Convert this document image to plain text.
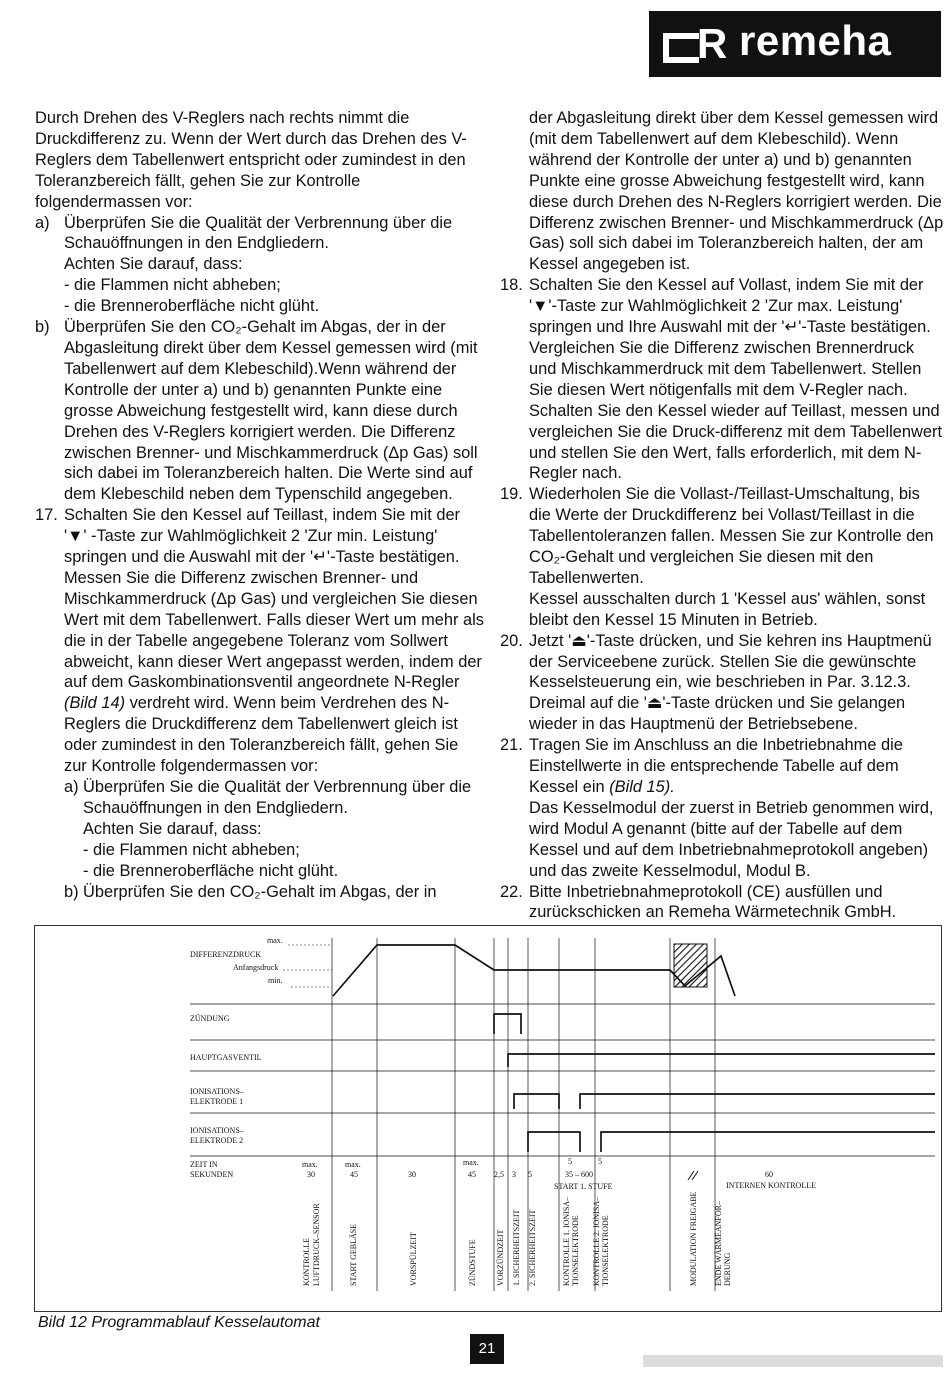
R remeha

Durch Drehen des V-Reglers nach rechts nimmt die Druckdifferenz zu. Wenn der Wert durch das Drehen des V-Reglers dem Tabellenwert entspricht oder zumindest in den Toleranzbereich fällt, gehen Sie zur Kontrolle folgendermassen vor:

a) Überprüfen Sie die Qualität der Verbrennung über die Schauöffnungen in den Endgliedern.

Achten Sie darauf, dass:

- die Flammen nicht abheben;

- die Brenneroberfläche nicht glüht.

b) Überprüfen Sie den CO₂-Gehalt im Abgas, der in der Abgasleitung direkt über dem Kessel gemessen wird (mit Tabellenwert auf dem Klebeschild).Wenn während der Kontrolle der unter a) und b) genannten Punkte eine grosse Abweichung festgestellt wird, kann diese durch Drehen des V-Reglers korrigiert werden. Die Differenz zwischen Brenner- und Mischkammerdruck (Δp Gas) soll sich dabei im Toleranzbereich halten. Die Werte sind auf dem Klebeschild neben dem Typenschild angegeben.

17. Schalten Sie den Kessel auf Teillast, indem Sie mit der '▼' -Taste zur Wahlmöglichkeit 2 'Zur min. Leistung' springen und die Auswahl mit der '↵'-Taste bestätigen. Messen Sie die Differenz zwischen Brenner- und Mischkammerdruck (Δp Gas) und vergleichen Sie diesen Wert mit dem Tabellenwert. Falls dieser Wert um mehr als die in der Tabelle angegebene Toleranz vom Sollwert abweicht, kann dieser Wert angepasst werden, indem der auf dem Gaskombinationsventil angeordnete N-Regler (Bild 14) verdreht wird. Wenn beim Verdrehen des N-Reglers die Druckdifferenz dem Tabellenwert gleich ist oder zumindest in den Toleranzbereich fällt, gehen Sie zur Kontrolle folgendermassen vor:

a) Überprüfen Sie die Qualität der Verbrennung über die Schauöffnungen in den Endgliedern.

Achten Sie darauf, dass:

- die Flammen nicht abheben;

- die Brenneroberfläche nicht glüht.

b) Überprüfen Sie den CO₂-Gehalt im Abgas, der in

der Abgasleitung direkt über dem Kessel gemessen wird (mit dem Tabellenwert auf dem Klebeschild). Wenn während der Kontrolle der unter a) und b) genannten Punkte eine grosse Abweichung festgestellt wird, kann diese durch Drehen des N-Reglers korrigiert werden. Die Differenz zwischen Brenner- und Mischkammerdruck (Δp Gas) soll sich dabei im Toleranzbereich halten, der am Kessel angegeben ist.

18. Schalten Sie den Kessel auf Vollast, indem Sie mit der '▼'-Taste zur Wahlmöglichkeit 2 'Zur max. Leistung' springen und Ihre Auswahl mit der '↵'-Taste bestätigen. Vergleichen Sie die Differenz zwischen Brennerdruck und Mischkammerdruck mit dem Tabellenwert. Stellen Sie diesen Wert nötigenfalls mit dem V-Regler nach. Schalten Sie den Kessel wieder auf Teillast, messen und vergleichen Sie die Druck-differenz mit dem Tabellenwert und stellen Sie den Wert, falls erforderlich, mit dem N-Regler nach.

19. Wiederholen Sie die Vollast-/Teillast-Umschaltung, bis die Werte der Druckdifferenz bei Vollast/Teillast in die Tabellentoleranzen fallen. Messen Sie zur Kontrolle den CO₂-Gehalt und vergleichen Sie diesen mit den Tabellenwerten.

Kessel ausschalten durch 1 'Kessel aus' wählen, sonst bleibt den Kessel 15 Minuten in Betrieb.

20. Jetzt '⏏'-Taste drücken, und Sie kehren ins Hauptmenü der Serviceebene zurück. Stellen Sie die gewünschte Kesselsteuerung ein, wie beschrieben in Par. 3.12.3. Dreimal auf die '⏏'-Taste drücken und Sie gelangen wieder in das Hauptmenü der Betriebsebene.

21. Tragen Sie im Anschluss an die Inbetriebnahme die Einstellwerte in die entsprechende Tabelle auf dem Kessel ein (Bild 15).

Das Kesselmodul der zuerst in Betrieb genommen wird, wird Modul A genannt (bitte auf der Tabelle auf dem Kessel und auf dem Inbetriebnahmeprotokoll angeben) und das zweite Kesselmodul, Modul B.

22. Bitte Inbetriebnahmeprotokoll (CE) ausfüllen und zurückschicken an Remeha Wärmetechnik GmbH.

DIFFERENZDRUCK
max.
Anfangsdruck
min.
ZÜNDUNG
HAUPTGASVENTIL
IONISATIONS–
ELEKTRODE 1
IONISATIONS–
ELEKTRODE 2
ZEIT IN
SEKUNDEN
max.
30
max.
45	30
max.
45 2,5 3 5
5	5
35 – 600
START 1. STUFE
60
INTERNEN KONTROLLE
KONTROLLE LUFTDRUCK–SENSOR	START GEBLÄSE	VORSPÜLZEIT	ZÜNDSTUFE VORZÜNDZEIT 1. SICHERHEITSZEIT 2. SICHERHEITSZEIT	KONTROLLE 1. IONISA– TIONSELEKTRODE KONTROLLE 2. IONISA– TIONSELEKTRODE	MODULATION FREIGABE ENDE WÄRMEANFOR– DERUNG
Bild 12 Programmablauf Kesselautomat
21
